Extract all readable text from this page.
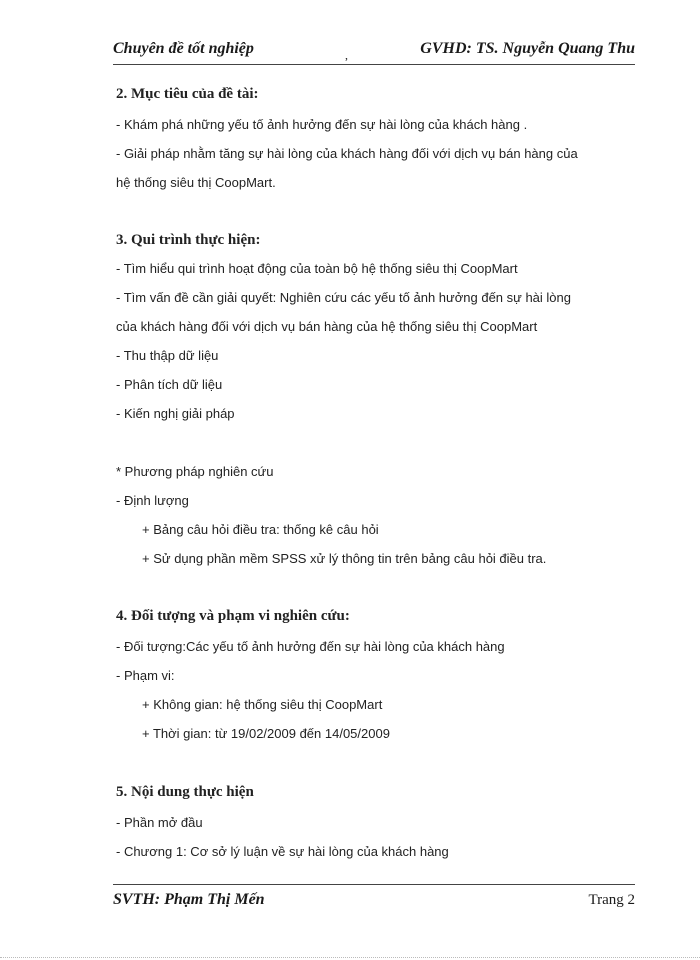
Chuyên đề tốt nghiệp	,	GVHD: TS. Nguyễn Quang Thu
2. Mục tiêu của đề tài:
- Khám phá những yếu tố ảnh hưởng đến sự hài lòng của khách hàng .
- Giải pháp nhằm tăng sự hài lòng của khách hàng đối với dịch vụ bán hàng của
hệ thống siêu thị CoopMart.
3. Qui trình thực hiện:
- Tìm hiểu qui trình hoạt động của toàn bộ hệ thống siêu thị CoopMart
- Tìm vấn đề cần giải quyết: Nghiên cứu các yếu tố ảnh hưởng đến sự hài lòng
của khách hàng đối với dịch vụ bán hàng của hệ thống siêu thị CoopMart
- Thu thập dữ liệu
- Phân tích dữ liệu
- Kiến nghị giải pháp
* Phương pháp nghiên cứu
- Định lượng
+ Bảng câu hỏi điều tra: thống kê câu hỏi
+ Sử dụng phần mềm SPSS xử lý thông tin trên bảng câu hỏi điều tra.
4. Đối tượng và phạm vi nghiên cứu:
- Đối tượng:Các yếu tố ảnh hưởng đến sự hài lòng của khách hàng
- Phạm vi:
+ Không gian: hệ thống siêu thị CoopMart
+ Thời gian: từ 19/02/2009 đến 14/05/2009
5. Nội dung thực hiện
- Phần mở đầu
- Chương 1: Cơ sở lý luận về sự hài lòng của khách hàng
SVTH: Phạm Thị Mến	Trang 2
